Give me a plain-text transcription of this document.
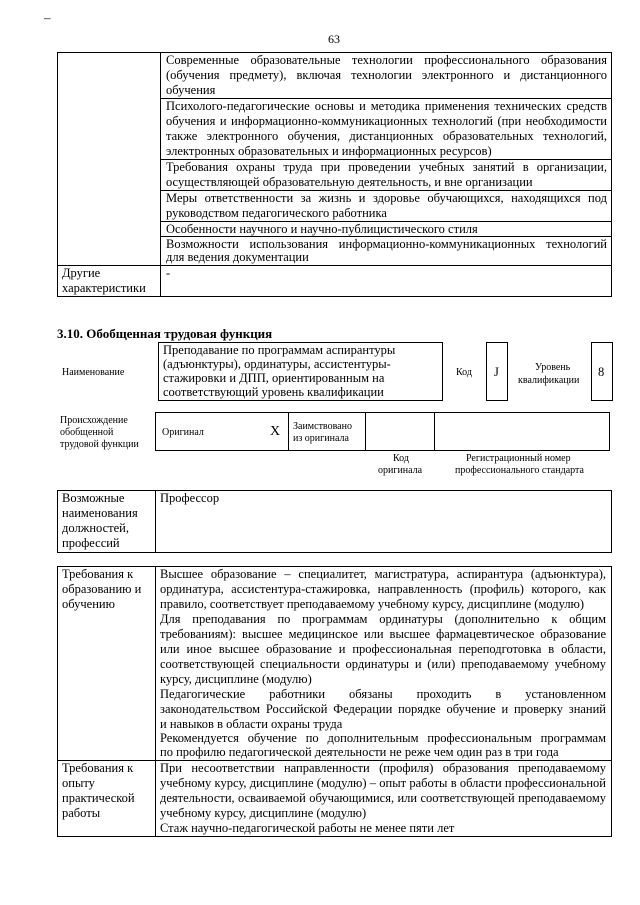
–
63
Современные образовательные технологии профессионального образования
(обучения предмету), включая технологии электронного и дистанционного
обучения
Психолого-педагогические основы и методика применения технических средств
обучения и информационно-коммуникационных технологий (при необходимости
также электронного обучения, дистанционных образовательных технологий,
электронных образовательных и информационных ресурсов)
Требования охраны труда при проведении учебных занятий в организации,
осуществляющей образовательную деятельность, и вне организации
Меры ответственности за жизнь и здоровье обучающихся, находящихся под
руководством педагогического работника
Особенности научного и научно-публицистического стиля
Возможности использования информационно-коммуникационных технологий
для ведения документации
Другие
характеристики
-
3.10. Обобщенная трудовая функция
Наименование
Преподавание по программам аспирантуры
(адъюнктуры), ординатуры, ассистентуры-
стажировки и ДПП, ориентированным на
соответствующий уровень квалификации
Код J	Уровень
квалификации
8
Происхождение
обобщенной
трудовой функции
Оригинал	X Заимствовано
из оригинала
Код
оригинала
Регистрационный номер
профессионального стандарта
Возможные
наименования
должностей,
профессий
Профессор
Требования к
образованию и
обучению
Высшее образование – специалитет, магистратура, аспирантура (адъюнктура),
ординатура, ассистентура-стажировка, направленность (профиль) которого, как
правило, соответствует преподаваемому учебному курсу, дисциплине (модулю)
Для преподавания по программам ординатуры (дополнительно к общим
требованиям): высшее медицинское или высшее фармацевтическое образование
или иное высшее образование и профессиональная переподготовка в области,
соответствующей специальности ординатуры и (или) преподаваемому учебному
курсу, дисциплине (модулю)
Педагогические работники обязаны проходить в установленном
законодательством Российской Федерации порядке обучение и проверку знаний
и навыков в области охраны труда
Рекомендуется обучение по дополнительным профессиональным программам
по профилю педагогической деятельности не реже чем один раз в три года
Требования к
опыту
практической
работы
При несоответствии направленности (профиля) образования преподаваемому
учебному курсу, дисциплине (модулю) – опыт работы в области профессиональной
деятельности, осваиваемой обучающимися, или соответствующей преподаваемому
учебному курсу, дисциплине (модулю)
Стаж научно-педагогической работы не менее пяти лет
